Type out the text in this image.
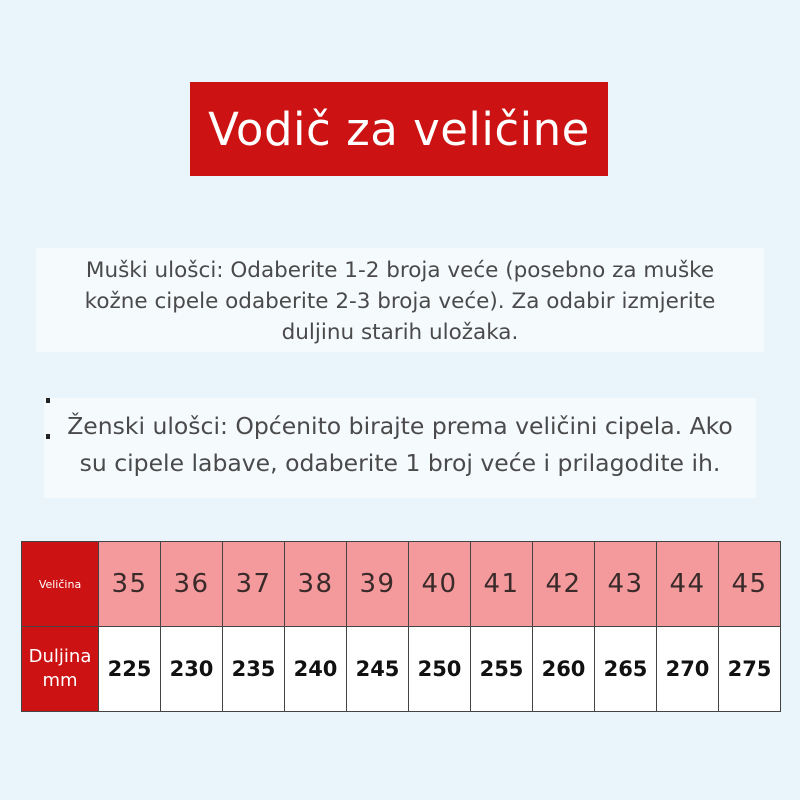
Vodič za veličine

Muški ulošci: Odaberite 1-2 broja veće (posebno za muške
kožne cipele odaberite 2-3 broja veće). Za odabir izmjerite
duljinu starih uložaka.

Ženski ulošci: Općenito birajte prema veličini cipela. Ako
su cipele labave, odaberite 1 broj veće i prilagodite ih.

Veličina	35	36	37	38	39	40	41	42	43	44	45
Duljina
mm	225	230	235	240	245	250	255	260	265	270	275
